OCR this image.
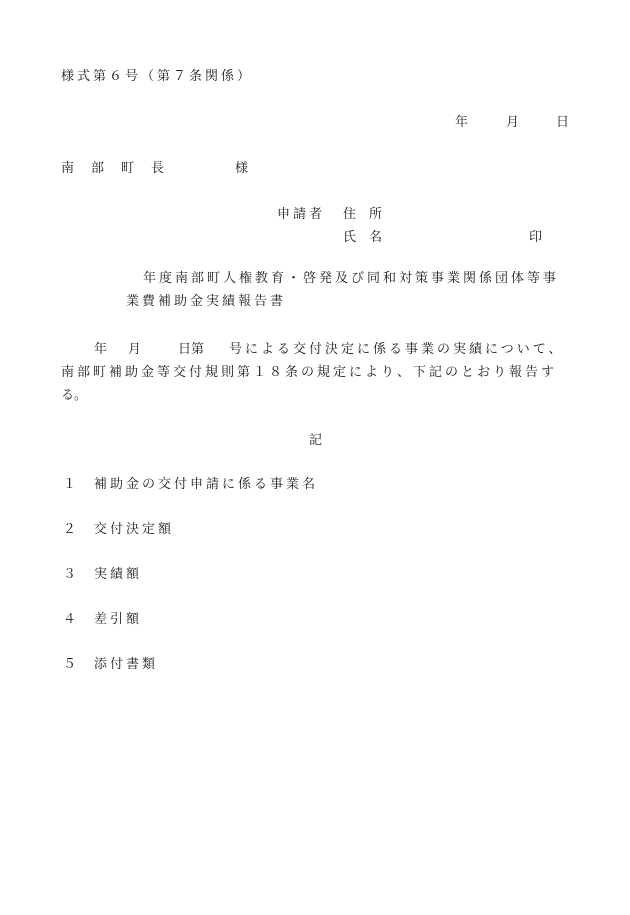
様式第６号（第７条関係）
年	月	日
南 部 町 長	様
申請者 住　所
氏　名	印
年度南部町人権教育・啓発及び同和対策事業関係団体等事
業費補助金実績報告書
年 月	日第 号による交付決定に係る事業の実績について、
南部町補助金等交付規則第１８条の規定により、下記のとおり報告す
る。
記
１ 補助金の交付申請に係る事業名
２ 交付決定額
３ 実績額
４ 差引額
５ 添付書類
